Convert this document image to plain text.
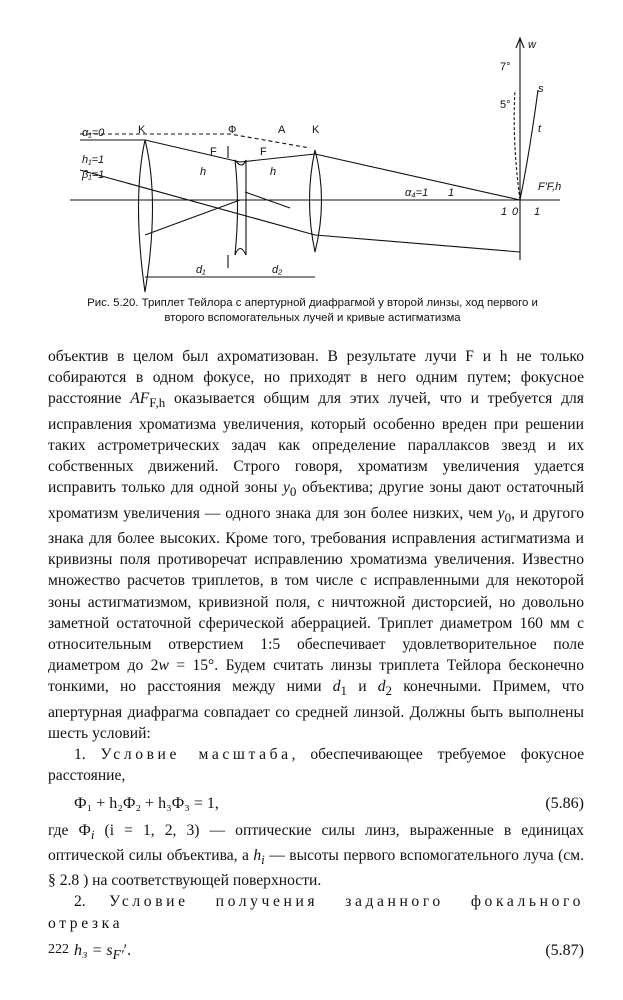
α₁=0
h₁=1
β₁=1
K	Ф	A K
F	F
h	h
α₄=1 1
0
1 1
d₁	d₂
w
7°
5°
s
t
F′F,h
Рис. 5.20. Триплет Тейлора с апертурной диафрагмой у второй линзы, ход первого и
второго вспомогательных лучей и кривые астигматизма

объектив в целом был ахроматизован. В результате лучи F и h не только собираются в одном фокусе, но приходят в него одним путем; фокусное расстояние $AF_{F,h}$ оказывается общим для этих лучей, что и требуется для исправления хроматизма увеличения, который особенно вреден при решении таких астрометрических задач как определение параллаксов звезд и их собственных движений. Строго говоря, хроматизм увеличения удается исправить только для одной зоны $y_0$ объектива; другие зоны дают остаточный хроматизм увеличения — одного знака для зон более низких, чем $y_0$, и другого знака для более высоких. Кроме того, требования исправления астигматизма и кривизны поля противоречат исправлению хроматизма увеличения. Известно множество расчетов триплетов, в том числе с исправленными для некоторой зоны астигматизмом, кривизной поля, с ничтожной дисторсией, но довольно заметной остаточной сферической аберрацией. Триплет диаметром 160 мм с относительным отверстием 1:5 обеспечивает удовлетворительное поле диаметром до 2w = 15°. Будем считать линзы триплета Тейлора бесконечно тонкими, но расстояния между ними $d_1$ и $d_2$ конечными. Примем, что апертурная диафрагма совпадает со средней линзой. Должны быть выполнены шесть условий:

1. Условие масштаба, обеспечивающее требуемое фокусное расстояние,

Ф₁ + h₂Ф₂ + h₃Ф₃ = 1,	(5.86)

где $Ф_i$ (i = 1, 2, 3) — оптические силы линз, выраженные в единицах оптической силы объектива, а $h_i$ — высоты первого вспомогательного луча (см. § 2.8 ) на соответствующей поверхности.

2. Условие получения заданного фокального отрезка

$h_3 = s_{F'}'$.	(5.87)
222
